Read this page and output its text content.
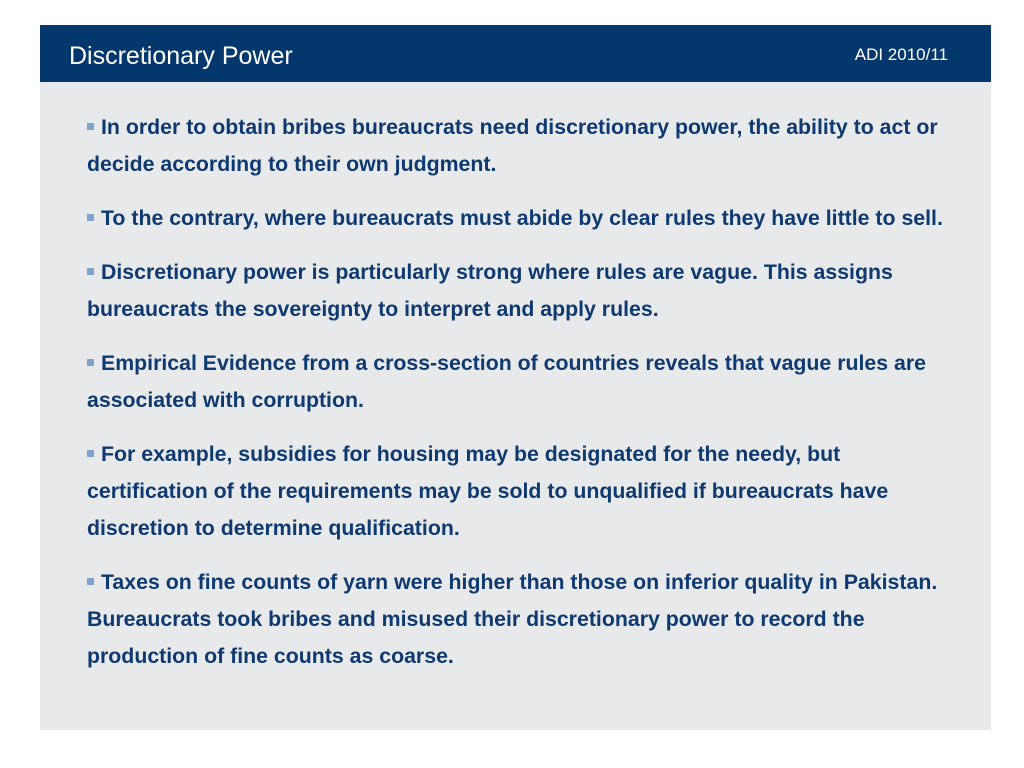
Discretionary Power	ADI 2010/11
In order to obtain bribes bureaucrats need discretionary power, the ability to act or decide according to their own judgment.
To the contrary, where bureaucrats must abide by clear rules they have little to sell.
Discretionary power is particularly strong where rules are vague. This assigns bureaucrats the sovereignty to interpret and apply rules.
Empirical Evidence from a cross-section of countries reveals that vague rules are associated with corruption.
For example, subsidies for housing may be designated for the needy, but certification of the requirements may be sold to unqualified if bureaucrats have discretion to determine qualification.
Taxes on fine counts of yarn were higher than those on inferior quality in Pakistan. Bureaucrats took bribes and misused their discretionary power to record the production of fine counts as coarse.
